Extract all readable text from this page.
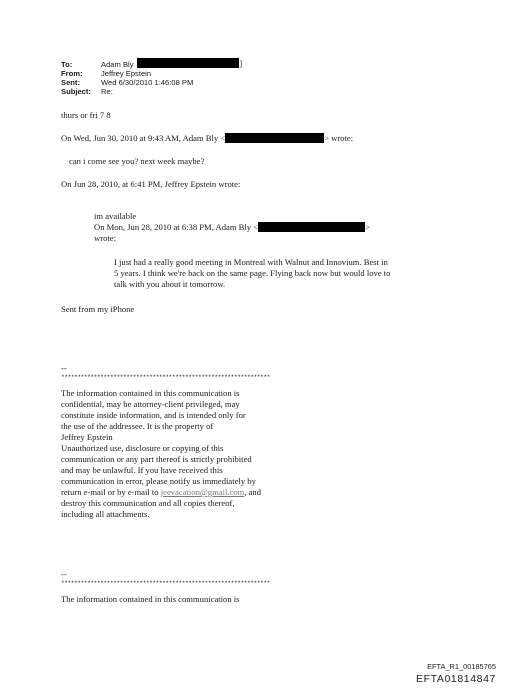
To:	Adam Bly	]
From: Jeffrey Epstein
Sent:	Wed 6/30/2010 1:46:08 PM
Subject: Re:
thurs or fri 7 8
On Wed, Jun 30, 2010 at 9:43 AM, Adam Bly <	> wrote:
can i come see you? next week maybe?
On Jun 28, 2010, at 6:41 PM, Jeffrey Epstein wrote:
im available
On Mon, Jun 28, 2010 at 6:38 PM, Adam Bly <	>
wrote:
I just had a really good meeting in Montreal with Walnut and Innovium. Best in
5 years. I think we're back on the same page. Flying back now but would love to
talk with you about it tomorrow.
Sent from my iPhone
--
****************************************************************
The information contained in this communication is
confidential, may be attorney-client privileged, may
constitute inside information, and is intended only for
the use of the addressee. It is the property of
Jeffrey Epstein
Unauthorized use, disclosure or copying of this
communication or any part thereof is strictly prohibited
and may be unlawful. If you have received this
communication in error, please notify us immediately by
return e-mail or by e-mail to jeevacation@gmail.com, and
destroy this communication and all copies thereof,
including all attachments.
--
****************************************************************
The information contained in this communication is
EFTA_R1_00185765
EFTA01814847
